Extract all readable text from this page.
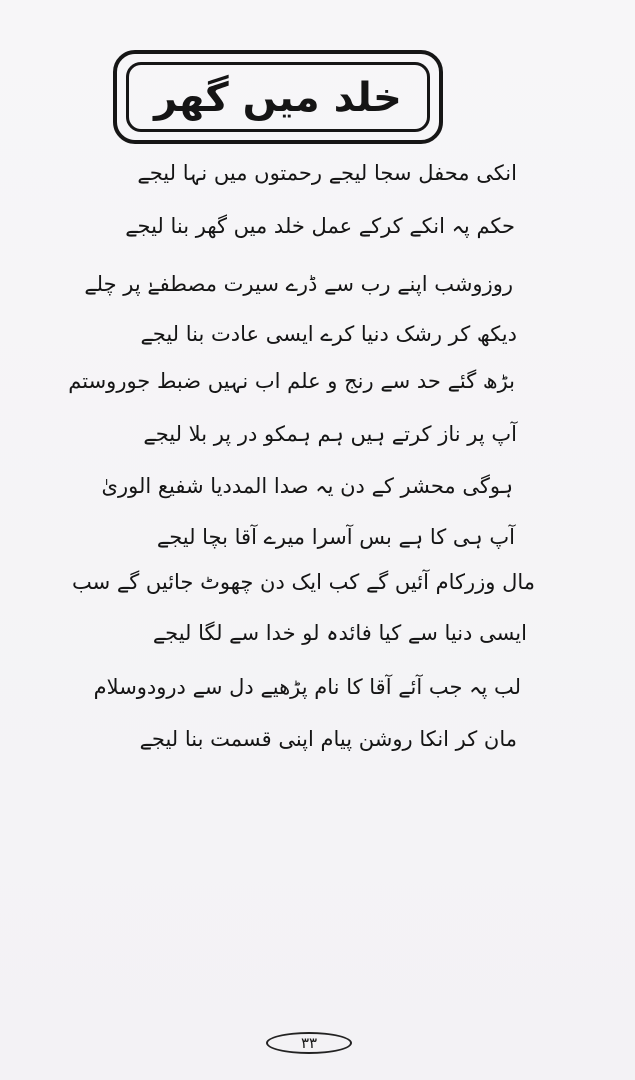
خلد میں گھر
انکی محفل سجا لیجے رحمتوں میں نہا لیجے
حکم پہ انکے کرکے عمل خلد میں گھر بنا لیجے
روزوشب اپنے رب سے ڈرے سیرت مصطفےٰ پر چلے
دیکھ کر رشک دنیا کرے ایسی عادت بنا لیجے
بڑھ گئے حد سے رنج و علم اب نہیں ضبط جوروستم
آپ پر ناز کرتے ہیں ہم ہمکو در پر بلا لیجے
ہوگی محشر کے دن یہ صدا المددیا شفیع الوریٰ
آپ ہی کا ہے بس آسرا میرے آقا بچا لیجے
مال وزرکام آئیں گے کب ایک دن چھوٹ جائیں گے سب
ایسی دنیا سے کیا فائدہ لو خدا سے لگا لیجے
لب پہ جب آئے آقا کا نام پڑھیے دل سے درودوسلام
مان کر انکا روشن پیام اپنی قسمت بنا لیجے
۳۳
